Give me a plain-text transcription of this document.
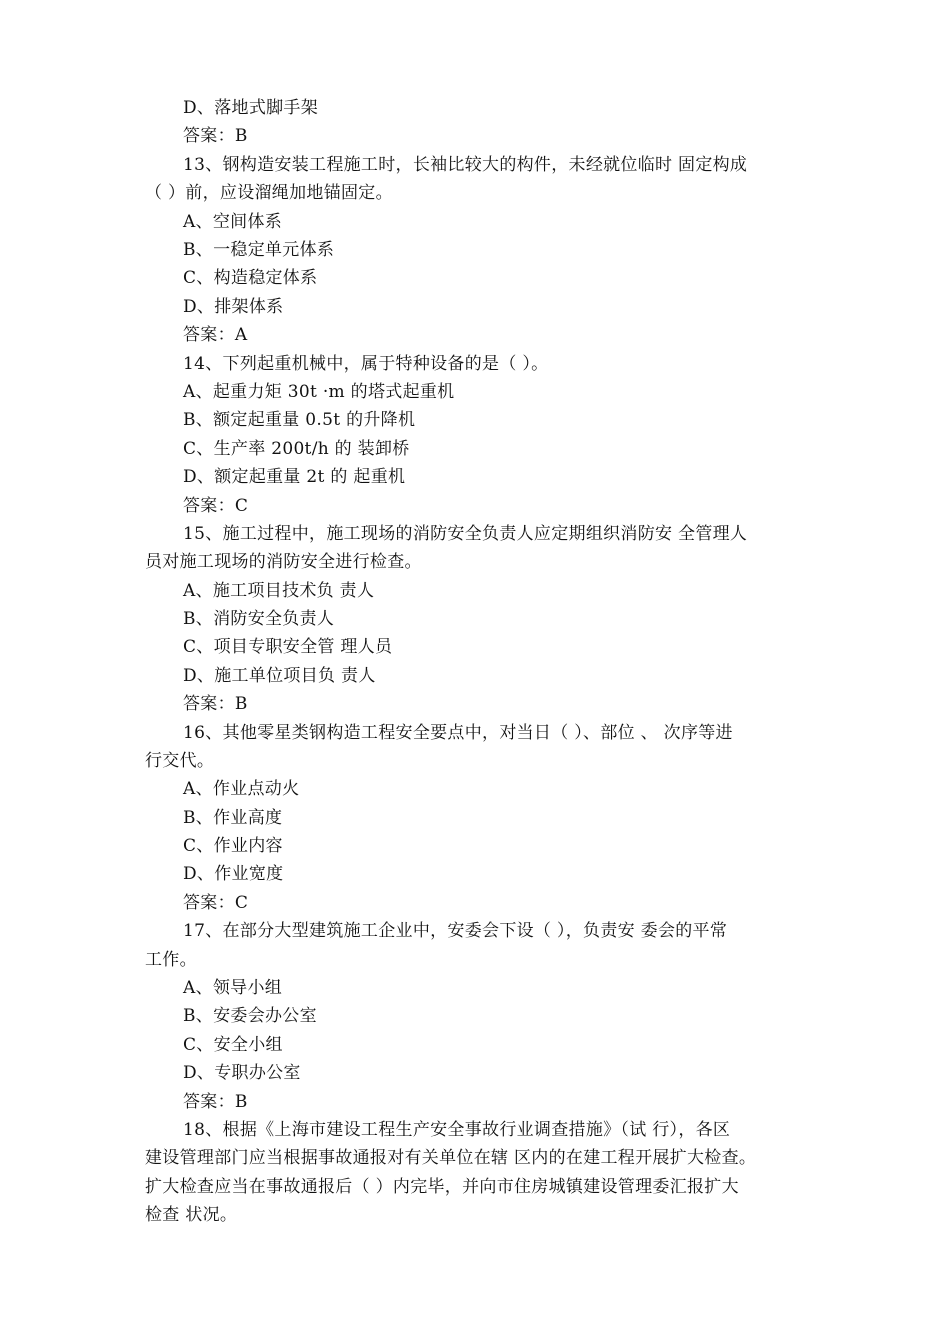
D、落地式脚手架
答案：B
13、钢构造安装工程施工时，长袖比较大的构件，未经就位临时 固定构成
（ ）前，应设溜绳加地锚固定。
A、空间体系
B、一稳定单元体系
C、构造稳定体系
D、排架体系
答案：A
14、下列起重机械中，属于特种设备的是（ ）。
A、起重力矩 30t ·m 的塔式起重机
B、额定起重量 0.5t 的升降机
C、生产率 200t/h 的 装卸桥
D、额定起重量 2t 的 起重机
答案：C
15、施工过程中，施工现场的消防安全负责人应定期组织消防安 全管理人
员对施工现场的消防安全进行检查。
A、施工项目技术负 责人
B、消防安全负责人
C、项目专职安全管 理人员
D、施工单位项目负 责人
答案：B
16、其他零星类钢构造工程安全要点中，对当日（ ）、部位 、 次序等进
行交代。
A、作业点动火
B、作业高度
C、作业内容
D、作业宽度
答案：C
17、在部分大型建筑施工企业中，安委会下设（ ），负责安 委会的平常
工作。
A、领导小组
B、安委会办公室
C、安全小组
D、专职办公室
答案：B
18、根据《上海市建设工程生产安全事故行业调查措施》（试 行），各区
建设管理部门应当根据事故通报对有关单位在辖 区内的在建工程开展扩大检查。
扩大检查应当在事故通报后（ ）内完毕，并向市住房城镇建设管理委汇报扩大
检查 状况。
